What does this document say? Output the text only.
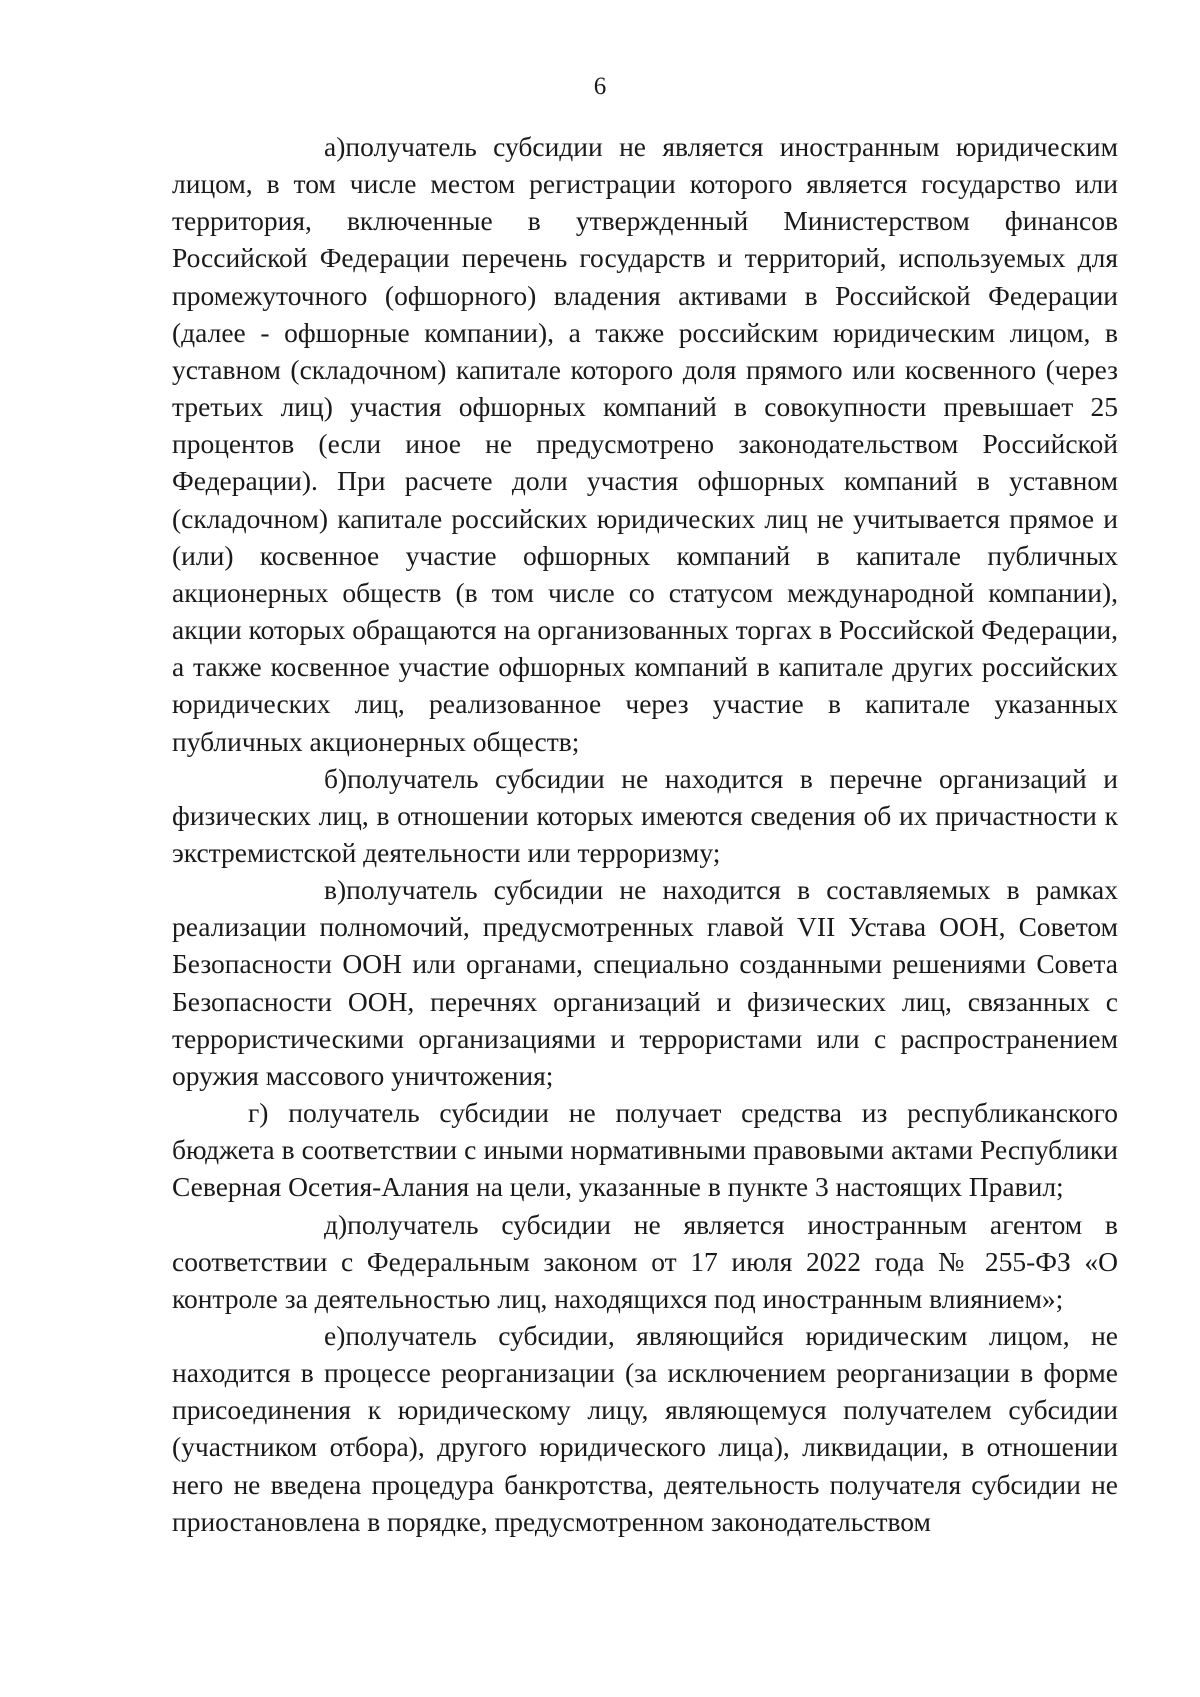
6

а)получатель субсидии не является иностранным юридическим лицом, в том числе местом регистрации которого является государство или территория, включенные в утвержденный Министерством финансов Российской Федерации перечень государств и территорий, используемых для промежуточного (офшорного) владения активами в Российской Федерации (далее - офшорные компании), а также российским юридическим лицом, в уставном (складочном) капитале которого доля прямого или косвенного (через третьих лиц) участия офшорных компаний в совокупности превышает 25 процентов (если иное не предусмотрено законодательством Российской Федерации). При расчете доли участия офшорных компаний в уставном (складочном) капитале российских юридических лиц не учитывается прямое и (или) косвенное участие офшорных компаний в капитале публичных акционерных обществ (в том числе со статусом международной компании), акции которых обращаются на организованных торгах в Российской Федерации, а также косвенное участие офшорных компаний в капитале других российских юридических лиц, реализованное через участие в капитале указанных публичных акционерных обществ;

б)получатель субсидии не находится в перечне организаций и физических лиц, в отношении которых имеются сведения об их причастности к экстремистской деятельности или терроризму;

в)получатель субсидии не находится в составляемых в рамках реализации полномочий, предусмотренных главой VII Устава ООН, Советом Безопасности ООН или органами, специально созданными решениями Совета Безопасности ООН, перечнях организаций и физических лиц, связанных с террористическими организациями и террористами или с распространением оружия массового уничтожения;

г) получатель субсидии не получает средства из республиканского бюджета в соответствии с иными нормативными правовыми актами Республики Северная Осетия-Алания на цели, указанные в пункте 3 настоящих Правил;

д)получатель субсидии не является иностранным агентом в соответствии с Федеральным законом от 17 июля 2022 года № 255-ФЗ «О контроле за деятельностью лиц, находящихся под иностранным влиянием»;

е)получатель субсидии, являющийся юридическим лицом, не находится в процессе реорганизации (за исключением реорганизации в форме присоединения к юридическому лицу, являющемуся получателем субсидии (участником отбора), другого юридического лица), ликвидации, в отношении него не введена процедура банкротства, деятельность получателя субсидии не приостановлена в порядке, предусмотренном законодательством
